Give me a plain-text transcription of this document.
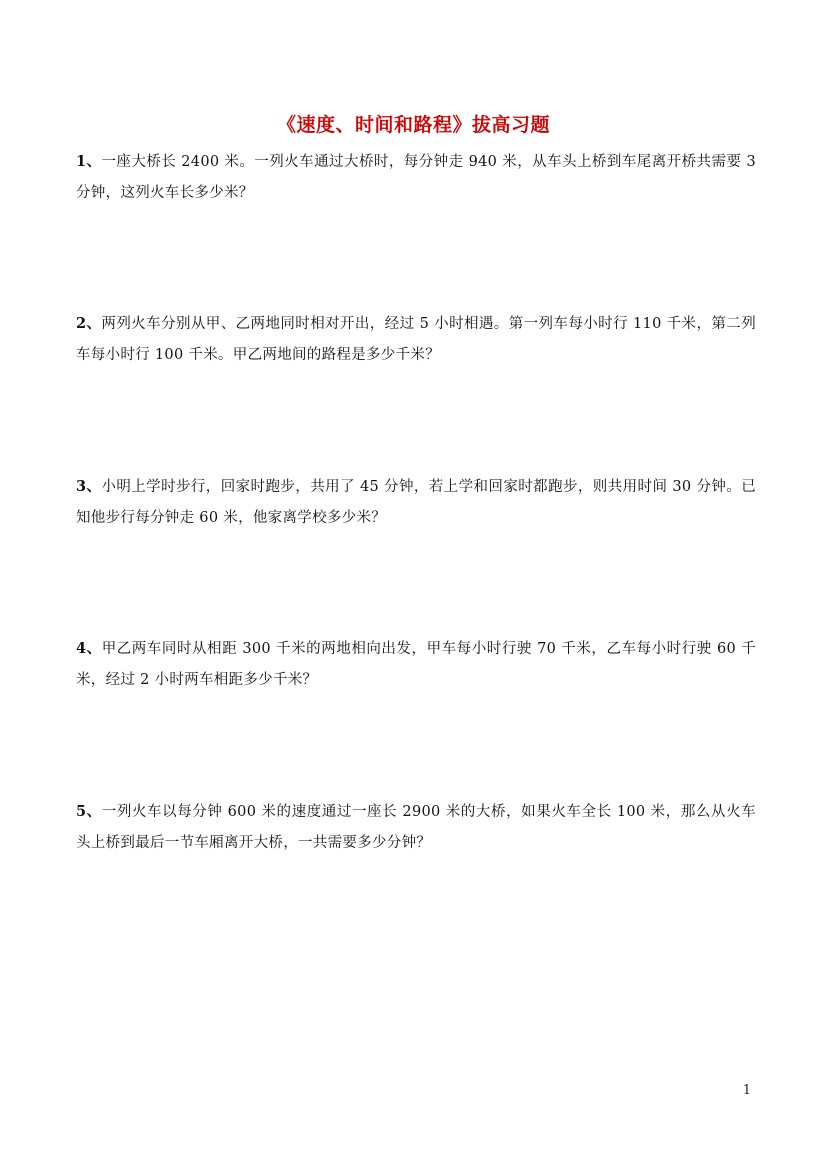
《速度、时间和路程》拔高习题
1、一座大桥长 2400 米。一列火车通过大桥时，每分钟走 940 米，从车头上桥到车尾离开桥共需要 3 分钟，这列火车长多少米？
2、两列火车分别从甲、乙两地同时相对开出，经过 5 小时相遇。第一列车每小时行 110 千米，第二列车每小时行 100 千米。甲乙两地间的路程是多少千米？
3、小明上学时步行，回家时跑步，共用了 45 分钟，若上学和回家时都跑步，则共用时间 30 分钟。已知他步行每分钟走 60 米，他家离学校多少米？
4、甲乙两车同时从相距 300 千米的两地相向出发，甲车每小时行驶 70 千米，乙车每小时行驶 60 千米，经过 2 小时两车相距多少千米？
5、一列火车以每分钟 600 米的速度通过一座长 2900 米的大桥，如果火车全长 100 米，那么从火车头上桥到最后一节车厢离开大桥，一共需要多少分钟？
1
